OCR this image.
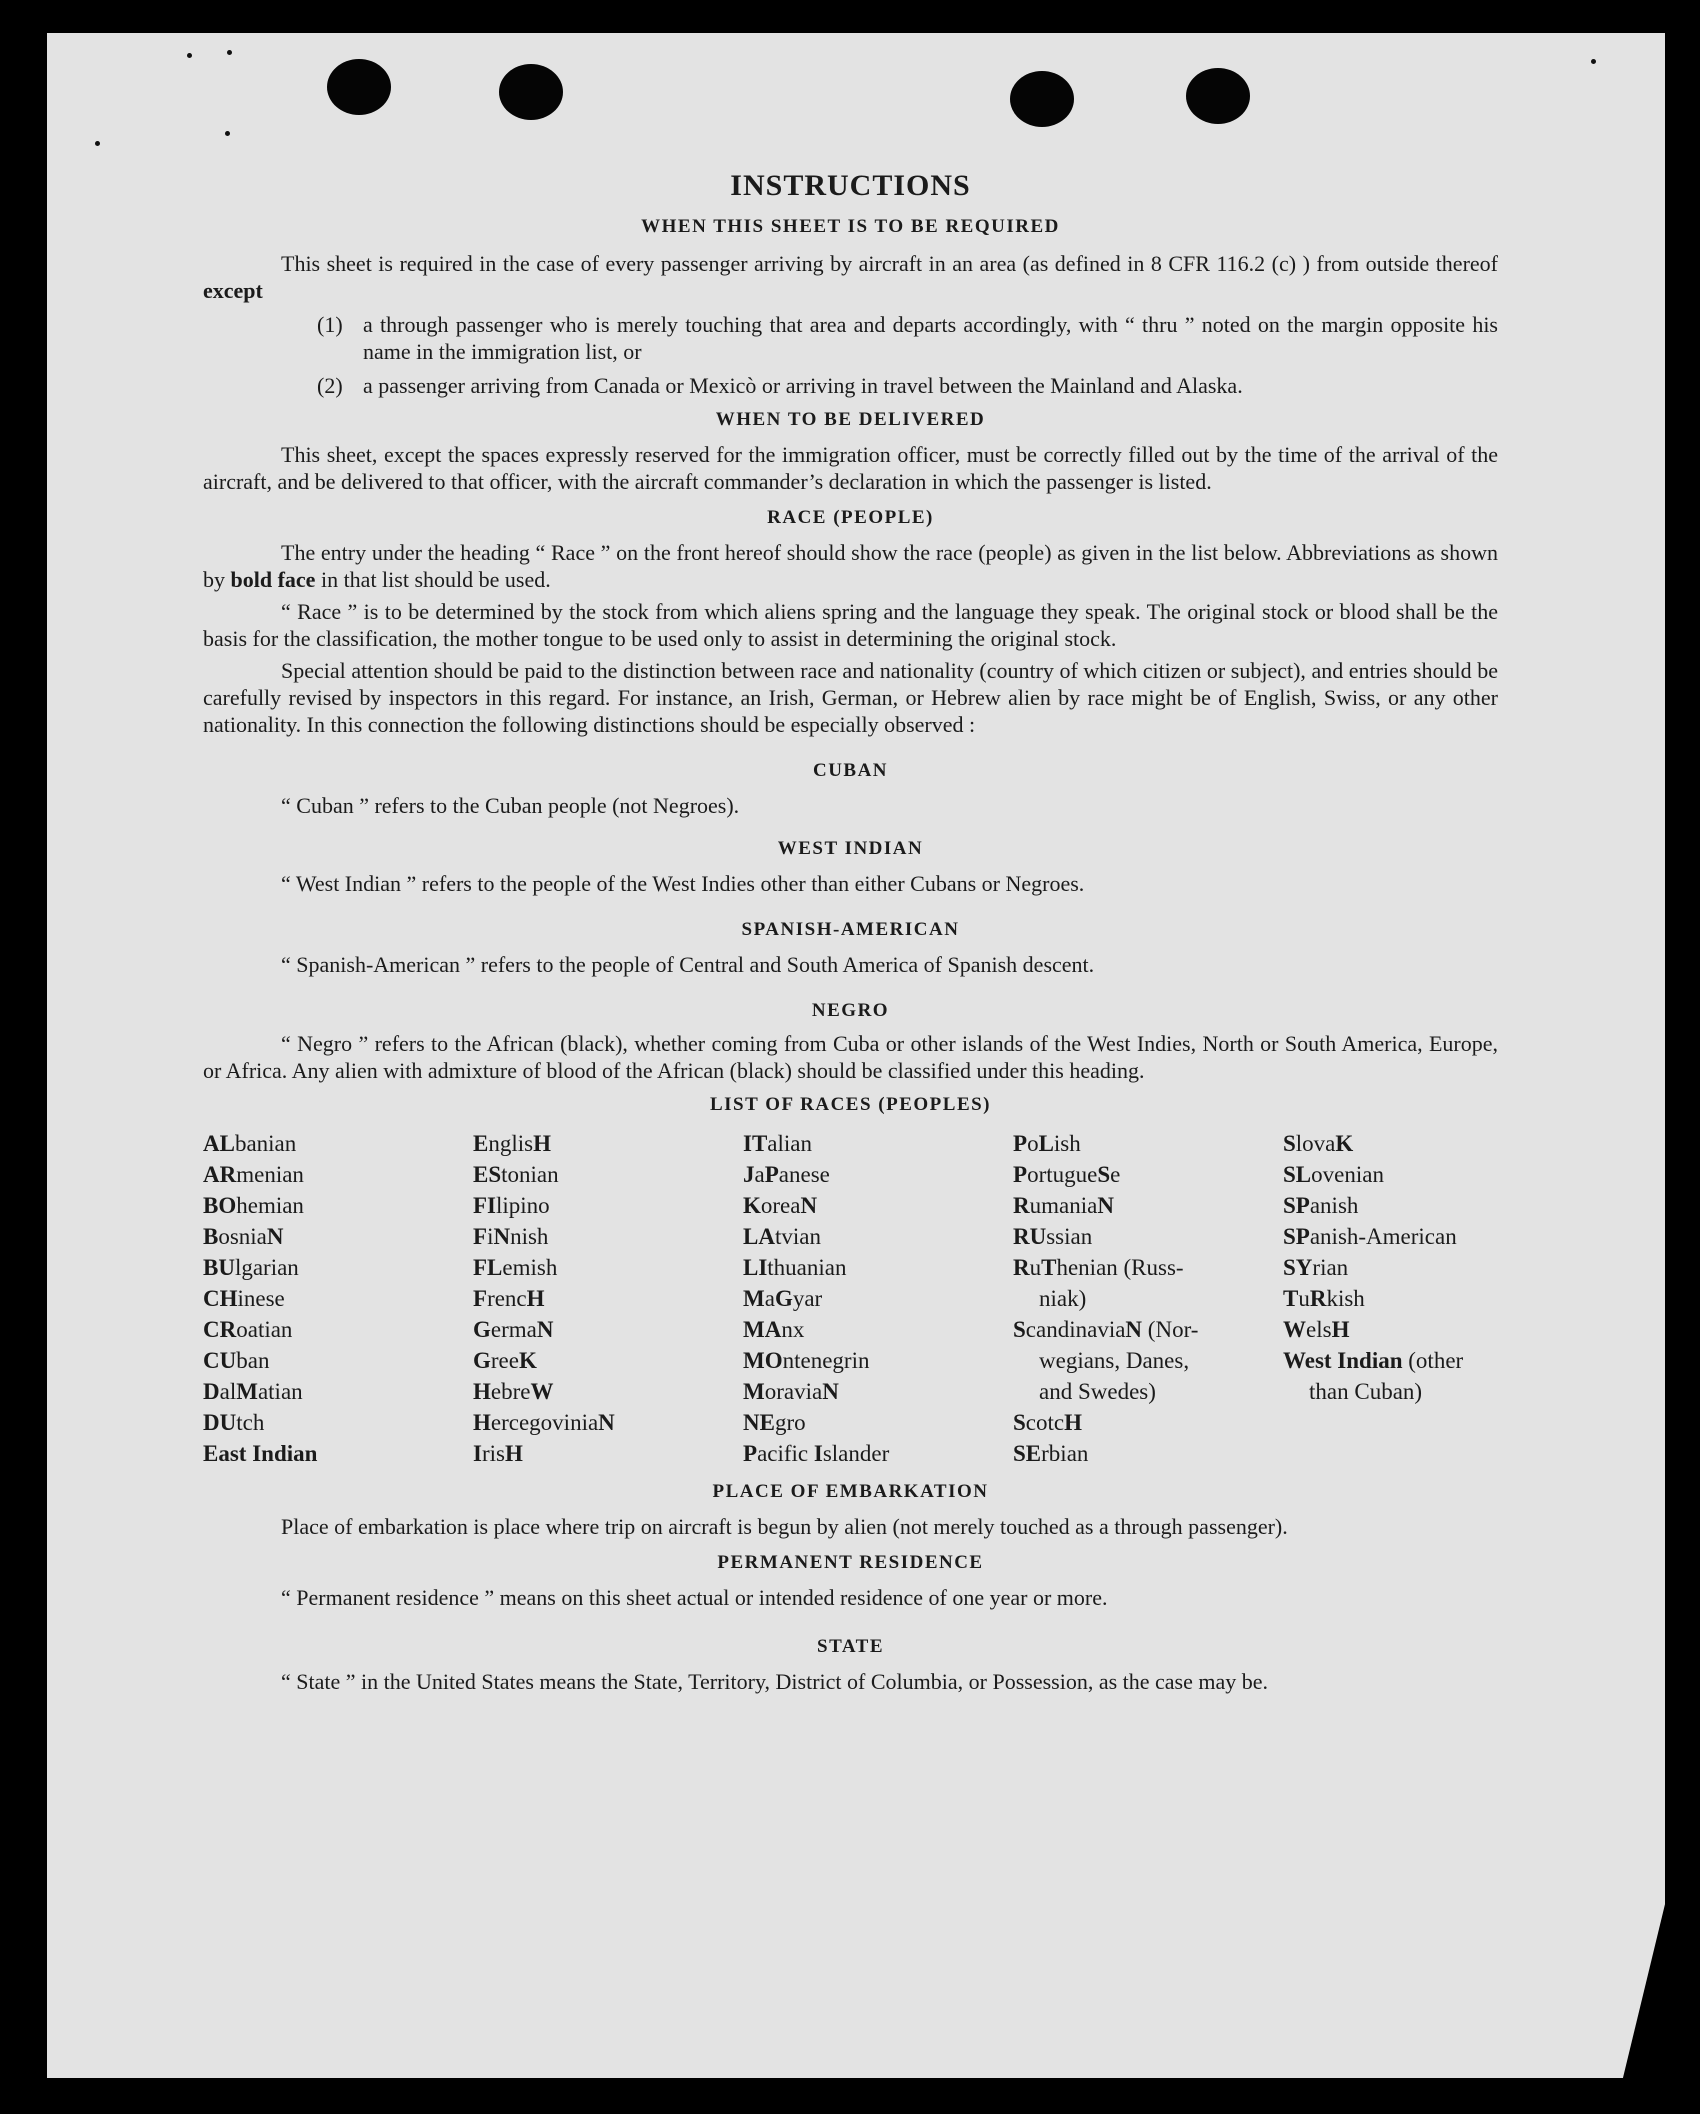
INSTRUCTIONS
WHEN THIS SHEET IS TO BE REQUIRED

This sheet is required in the case of every passenger arriving by aircraft in an area (as defined in 8 CFR 116.2 (c) ) from outside thereof except

(1) a through passenger who is merely touching that area and departs accordingly, with “ thru ” noted on the margin opposite his name in the immigration list, or
(2) a passenger arriving from Canada or Mexicò or arriving in travel between the Mainland and Alaska.
WHEN TO BE DELIVERED

This sheet, except the spaces expressly reserved for the immigration officer, must be correctly filled out by the time of the arrival of the aircraft, and be delivered to that officer, with the aircraft commander’s declaration in which the passenger is listed.

RACE (PEOPLE)

The entry under the heading “ Race ” on the front hereof should show the race (people) as given in the list below. Abbreviations as shown by bold face in that list should be used.

“ Race ” is to be determined by the stock from which aliens spring and the language they speak. The original stock or blood shall be the basis for the classification, the mother tongue to be used only to assist in determining the original stock.

Special attention should be paid to the distinction between race and nationality (country of which citizen or subject), and entries should be carefully revised by inspectors in this regard. For instance, an Irish, German, or Hebrew alien by race might be of English, Swiss, or any other nationality. In this connection the following distinctions should be especially observed :

CUBAN

“ Cuban ” refers to the Cuban people (not Negroes).

WEST INDIAN

“ West Indian ” refers to the people of the West Indies other than either Cubans or Negroes.

SPANISH-AMERICAN

“ Spanish-American ” refers to the people of Central and South America of Spanish descent.

NEGRO

“ Negro ” refers to the African (black), whether coming from Cuba or other islands of the West Indies, North or South America, Europe, or Africa. Any alien with admixture of blood of the African (black) should be classified under this heading.

LIST OF RACES (PEOPLES)
ALbanian
ARmenian
BOhemian
BosniaN
BUlgarian
CHinese
CRoatian
CUban
DalMatian
DUtch
East Indian
EnglisH
EStonian
FIlipino
FiNnish
FLemish
FrencH
GermaN
GreeK
HebreW
HercegoviniaN
IrisH
ITalian
JaPanese
KoreaN
LAtvian
LIthuanian
MaGyar
MAnx
MOntenegrin
MoraviaN
NEgro
Pacific Islander
PoLish
PortugueSe
RumaniaN
RUssian
RuThenian (Russ-
niak)
ScandinaviaN (Nor-
wegians, Danes,
and Swedes)
ScotcH
SErbian
SlovaK
SLovenian
SPanish
SPanish-American
SYrian
TuRkish
WelsH
West Indian (other
than Cuban)
PLACE OF EMBARKATION

Place of embarkation is place where trip on aircraft is begun by alien (not merely touched as a through passenger).

PERMANENT RESIDENCE

“ Permanent residence ” means on this sheet actual or intended residence of one year or more.

STATE

“ State ” in the United States means the State, Territory, District of Columbia, or Possession, as the case may be.
